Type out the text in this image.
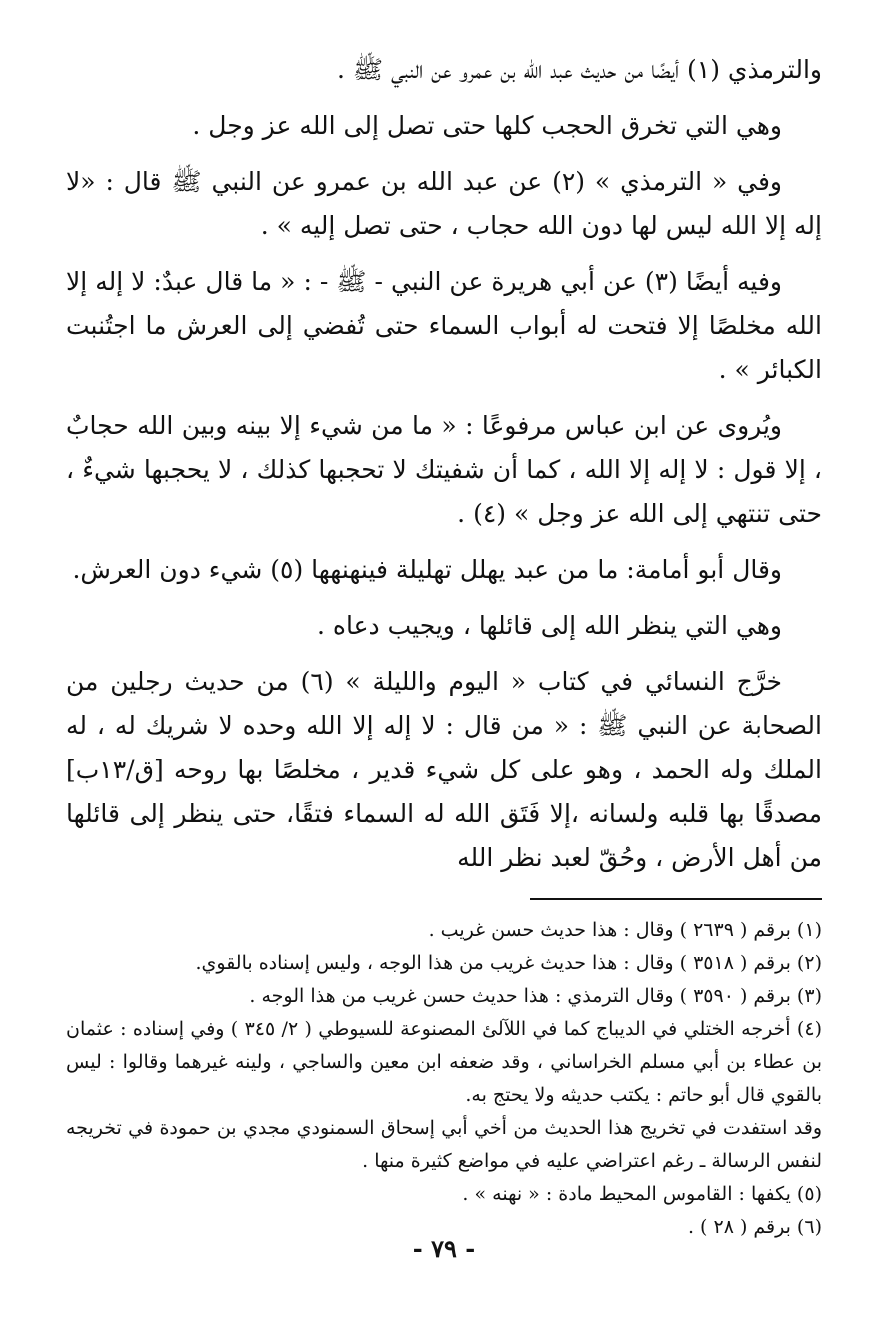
والترمذي (١) أيضًا من حديث عبد الله بن عمرو عن النبي ﷺ .

وهي التي تخرق الحجب كلها حتى تصل إلى الله عز وجل .

وفي « الترمذي » (٢) عن عبد الله بن عمرو عن النبي ﷺ قال : «لا إله إلا الله ليس لها دون الله حجاب ، حتى تصل إليه » .

وفيه أيضًا (٣) عن أبي هريرة عن النبي - ﷺ - : « ما قال عبدٌ: لا إله إلا الله مخلصًا إلا فتحت له أبواب السماء حتى تُفضي إلى العرش ما اجتُنبت الكبائر » .

ويُروى عن ابن عباس مرفوعًا : « ما من شيء إلا بينه وبين الله حجابٌ ، إلا قول : لا إله إلا الله ، كما أن شفيتك لا تحجبها كذلك ، لا يحجبها شيءٌ ، حتى تنتهي إلى الله عز وجل » (٤) .

وقال أبو أمامة: ما من عبد يهلل تهليلة فينهنهها (٥) شيء دون العرش.

وهي التي ينظر الله إلى قائلها ، ويجيب دعاه .

خرَّج النسائي في كتاب « اليوم والليلة » (٦) من حديث رجلين من الصحابة عن النبي ﷺ : « من قال : لا إله إلا الله وحده لا شريك له ، له الملك وله الحمد ، وهو على كل شيء قدير ، مخلصًا بها روحه [ق/١٣ب] مصدقًا بها قلبه ولسانه ،إلا فَتَق الله له السماء فتقًا، حتى ينظر إلى قائلها من أهل الأرض ، وحُقّ لعبد نظر الله

(١) برقم ( ٢٦٣٩ ) وقال : هذا حديث حسن غريب .

(٢) برقم ( ٣٥١٨ ) وقال : هذا حديث غريب من هذا الوجه ، وليس إسناده بالقوي.

(٣) برقم ( ٣٥٩٠ ) وقال الترمذي : هذا حديث حسن غريب من هذا الوجه .

(٤) أخرجه الختلي في الديباج كما في اللآلئ المصنوعة للسيوطي ( ٢/ ٣٤٥ ) وفي إسناده : عثمان بن عطاء بن أبي مسلم الخراساني ، وقد ضعفه ابن معين والساجي ، ولينه غيرهما وقالوا : ليس بالقوي قال أبو حاتم : يكتب حديثه ولا يحتج به.

وقد استفدت في تخريج هذا الحديث من أخي أبي إسحاق السمنودي مجدي بن حمودة في تخريجه لنفس الرسالة ـ رغم اعتراضي عليه في مواضع كثيرة منها .

(٥) يكفها : القاموس المحيط مادة : « نهنه » .

(٦) برقم ( ٢٨ ) .

- ٧٩ -
